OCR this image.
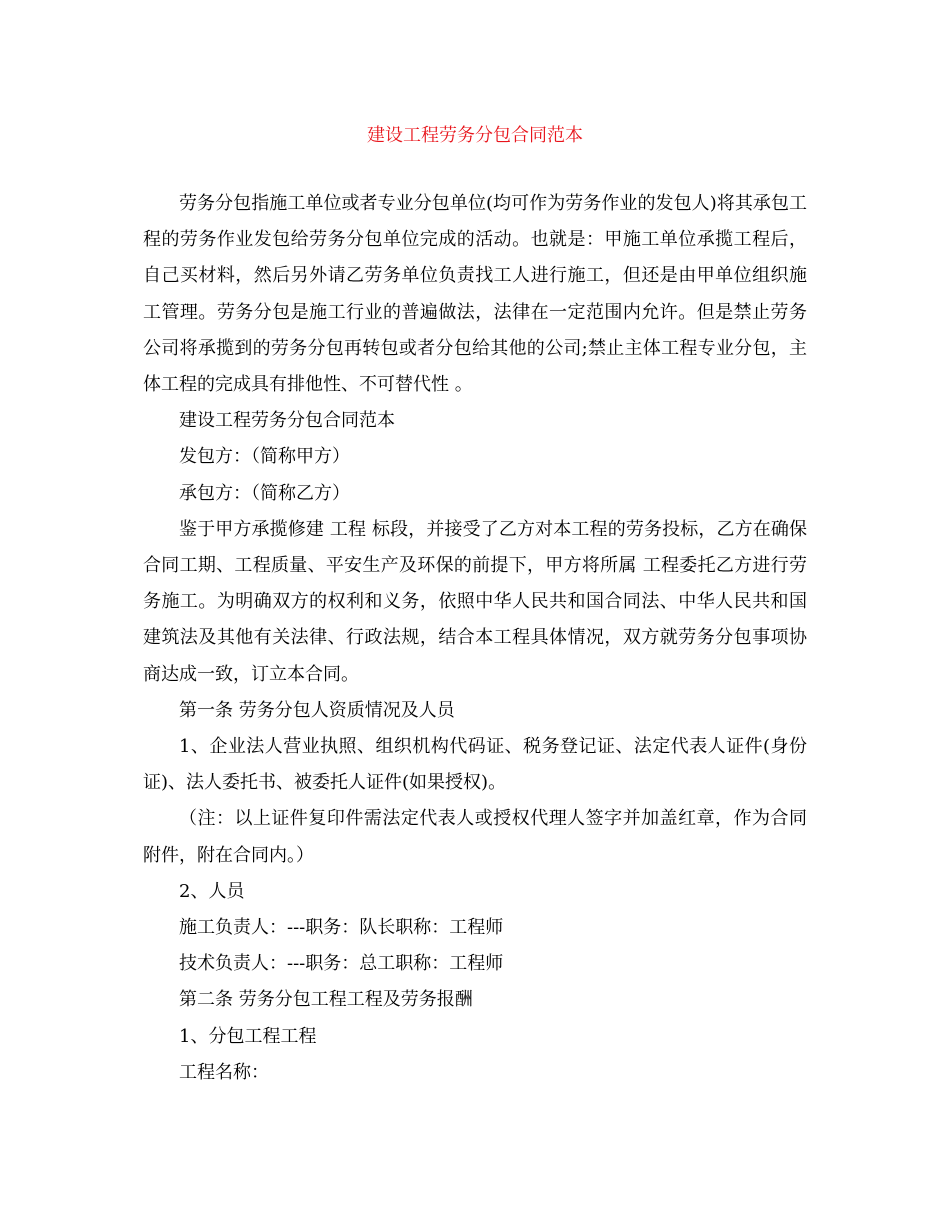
建设工程劳务分包合同范本

劳务分包指施工单位或者专业分包单位(均可作为劳务作业的发包人)将其承包工程的劳务作业发包给劳务分包单位完成的活动。也就是：甲施工单位承揽工程后，自己买材料，然后另外请乙劳务单位负责找工人进行施工，但还是由甲单位组织施工管理。劳务分包是施工行业的普遍做法，法律在一定范围内允许。但是禁止劳务公司将承揽到的劳务分包再转包或者分包给其他的公司;禁止主体工程专业分包，主体工程的完成具有排他性、不可替代性 。

建设工程劳务分包合同范本

发包方：（简称甲方）

承包方：（简称乙方）

鉴于甲方承揽修建 工程 标段，并接受了乙方对本工程的劳务投标，乙方在确保合同工期、工程质量、平安生产及环保的前提下，甲方将所属 工程委托乙方进行劳务施工。为明确双方的权利和义务，依照中华人民共和国合同法、中华人民共和国建筑法及其他有关法律、行政法规，结合本工程具体情况，双方就劳务分包事项协商达成一致，订立本合同。

第一条 劳务分包人资质情况及人员

1、企业法人营业执照、组织机构代码证、税务登记证、法定代表人证件(身份证)、法人委托书、被委托人证件(如果授权)。

（注：以上证件复印件需法定代表人或授权代理人签字并加盖红章，作为合同附件，附在合同内。）

2、人员

施工负责人：---职务：队长职称：工程师

技术负责人：---职务：总工职称：工程师

第二条 劳务分包工程工程及劳务报酬

1、分包工程工程

工程名称：
